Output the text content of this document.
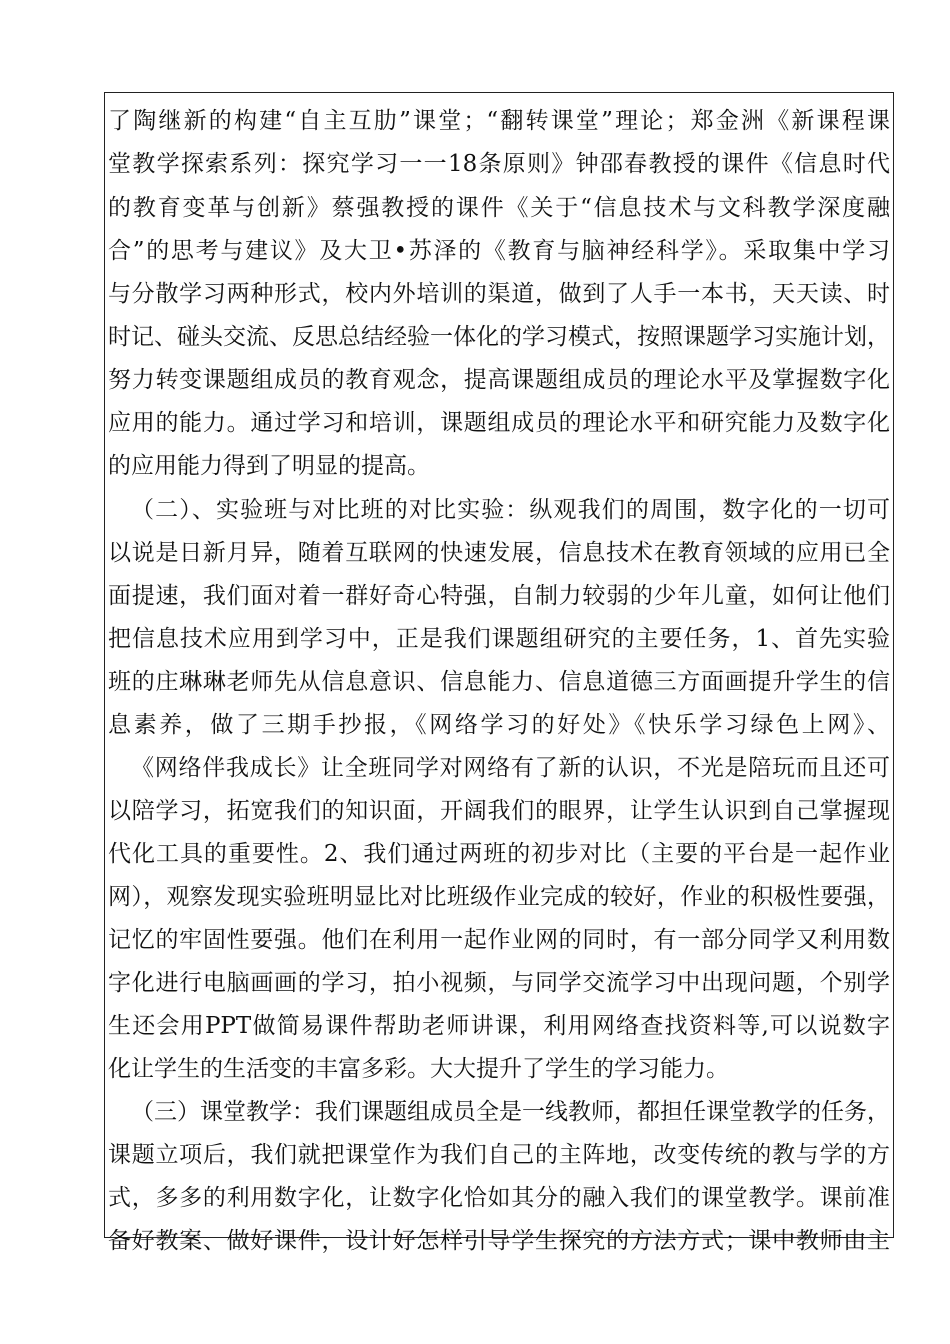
了陶继新的构建“自主互肋”课堂；“翻转课堂”理论；郑金洲《新课程课
堂教学探索系列：探究学习一一18条原则》钟邵春教授的课件《信息时代
的教育变革与创新》蔡强教授的课件《关于“信息技术与文科教学深度融
合”的思考与建议》及大卫•苏泽的《教育与脑神经科学》。采取集中学习
与分散学习两种形式，校内外培训的渠道，做到了人手一本书，天天读、时
时记、碰头交流、反思总结经验一体化的学习模式，按照课题学习实施计划，
努力转变课题组成员的教育观念，提高课题组成员的理论水平及掌握数字化
应用的能力。通过学习和培训，课题组成员的理论水平和研究能力及数字化
的应用能力得到了明显的提高。
（二）、实验班与对比班的对比实验：纵观我们的周围，数字化的一切可
以说是日新月异，随着互联网的快速发展，信息技术在教育领域的应用已全
面提速，我们面对着一群好奇心特强，自制力较弱的少年儿童，如何让他们
把信息技术应用到学习中，正是我们课题组研究的主要任务，1、首先实验
班的庄琳琳老师先从信息意识、信息能力、信息道德三方面画提升学生的信
息素养，做了三期手抄报，《网络学习的好处》《快乐学习绿色上网》、
《网络伴我成长》让全班同学对网络有了新的认识，不光是陪玩而且还可
以陪学习，拓宽我们的知识面，开阔我们的眼界，让学生认识到自己掌握现
代化工具的重要性。2、我们通过两班的初步对比（主要的平台是一起作业
网），观察发现实验班明显比对比班级作业完成的较好，作业的积极性要强，
记忆的牢固性要强。他们在利用一起作业网的同时，有一部分同学又利用数
字化进行电脑画画的学习，拍小视频，与同学交流学习中出现问题，个别学
生还会用PPT做简易课件帮助老师讲课，利用网络查找资料等,可以说数字
化让学生的生活变的丰富多彩。大大提升了学生的学习能力。
（三）课堂教学：我们课题组成员全是一线教师，都担任课堂教学的任务，
课题立项后，我们就把课堂作为我们自己的主阵地，改变传统的教与学的方
式，多多的利用数字化，让数字化恰如其分的融入我们的课堂教学。课前准
备好教案、做好课件，设计好怎样引导学生探究的方法方式；课中教师由主
